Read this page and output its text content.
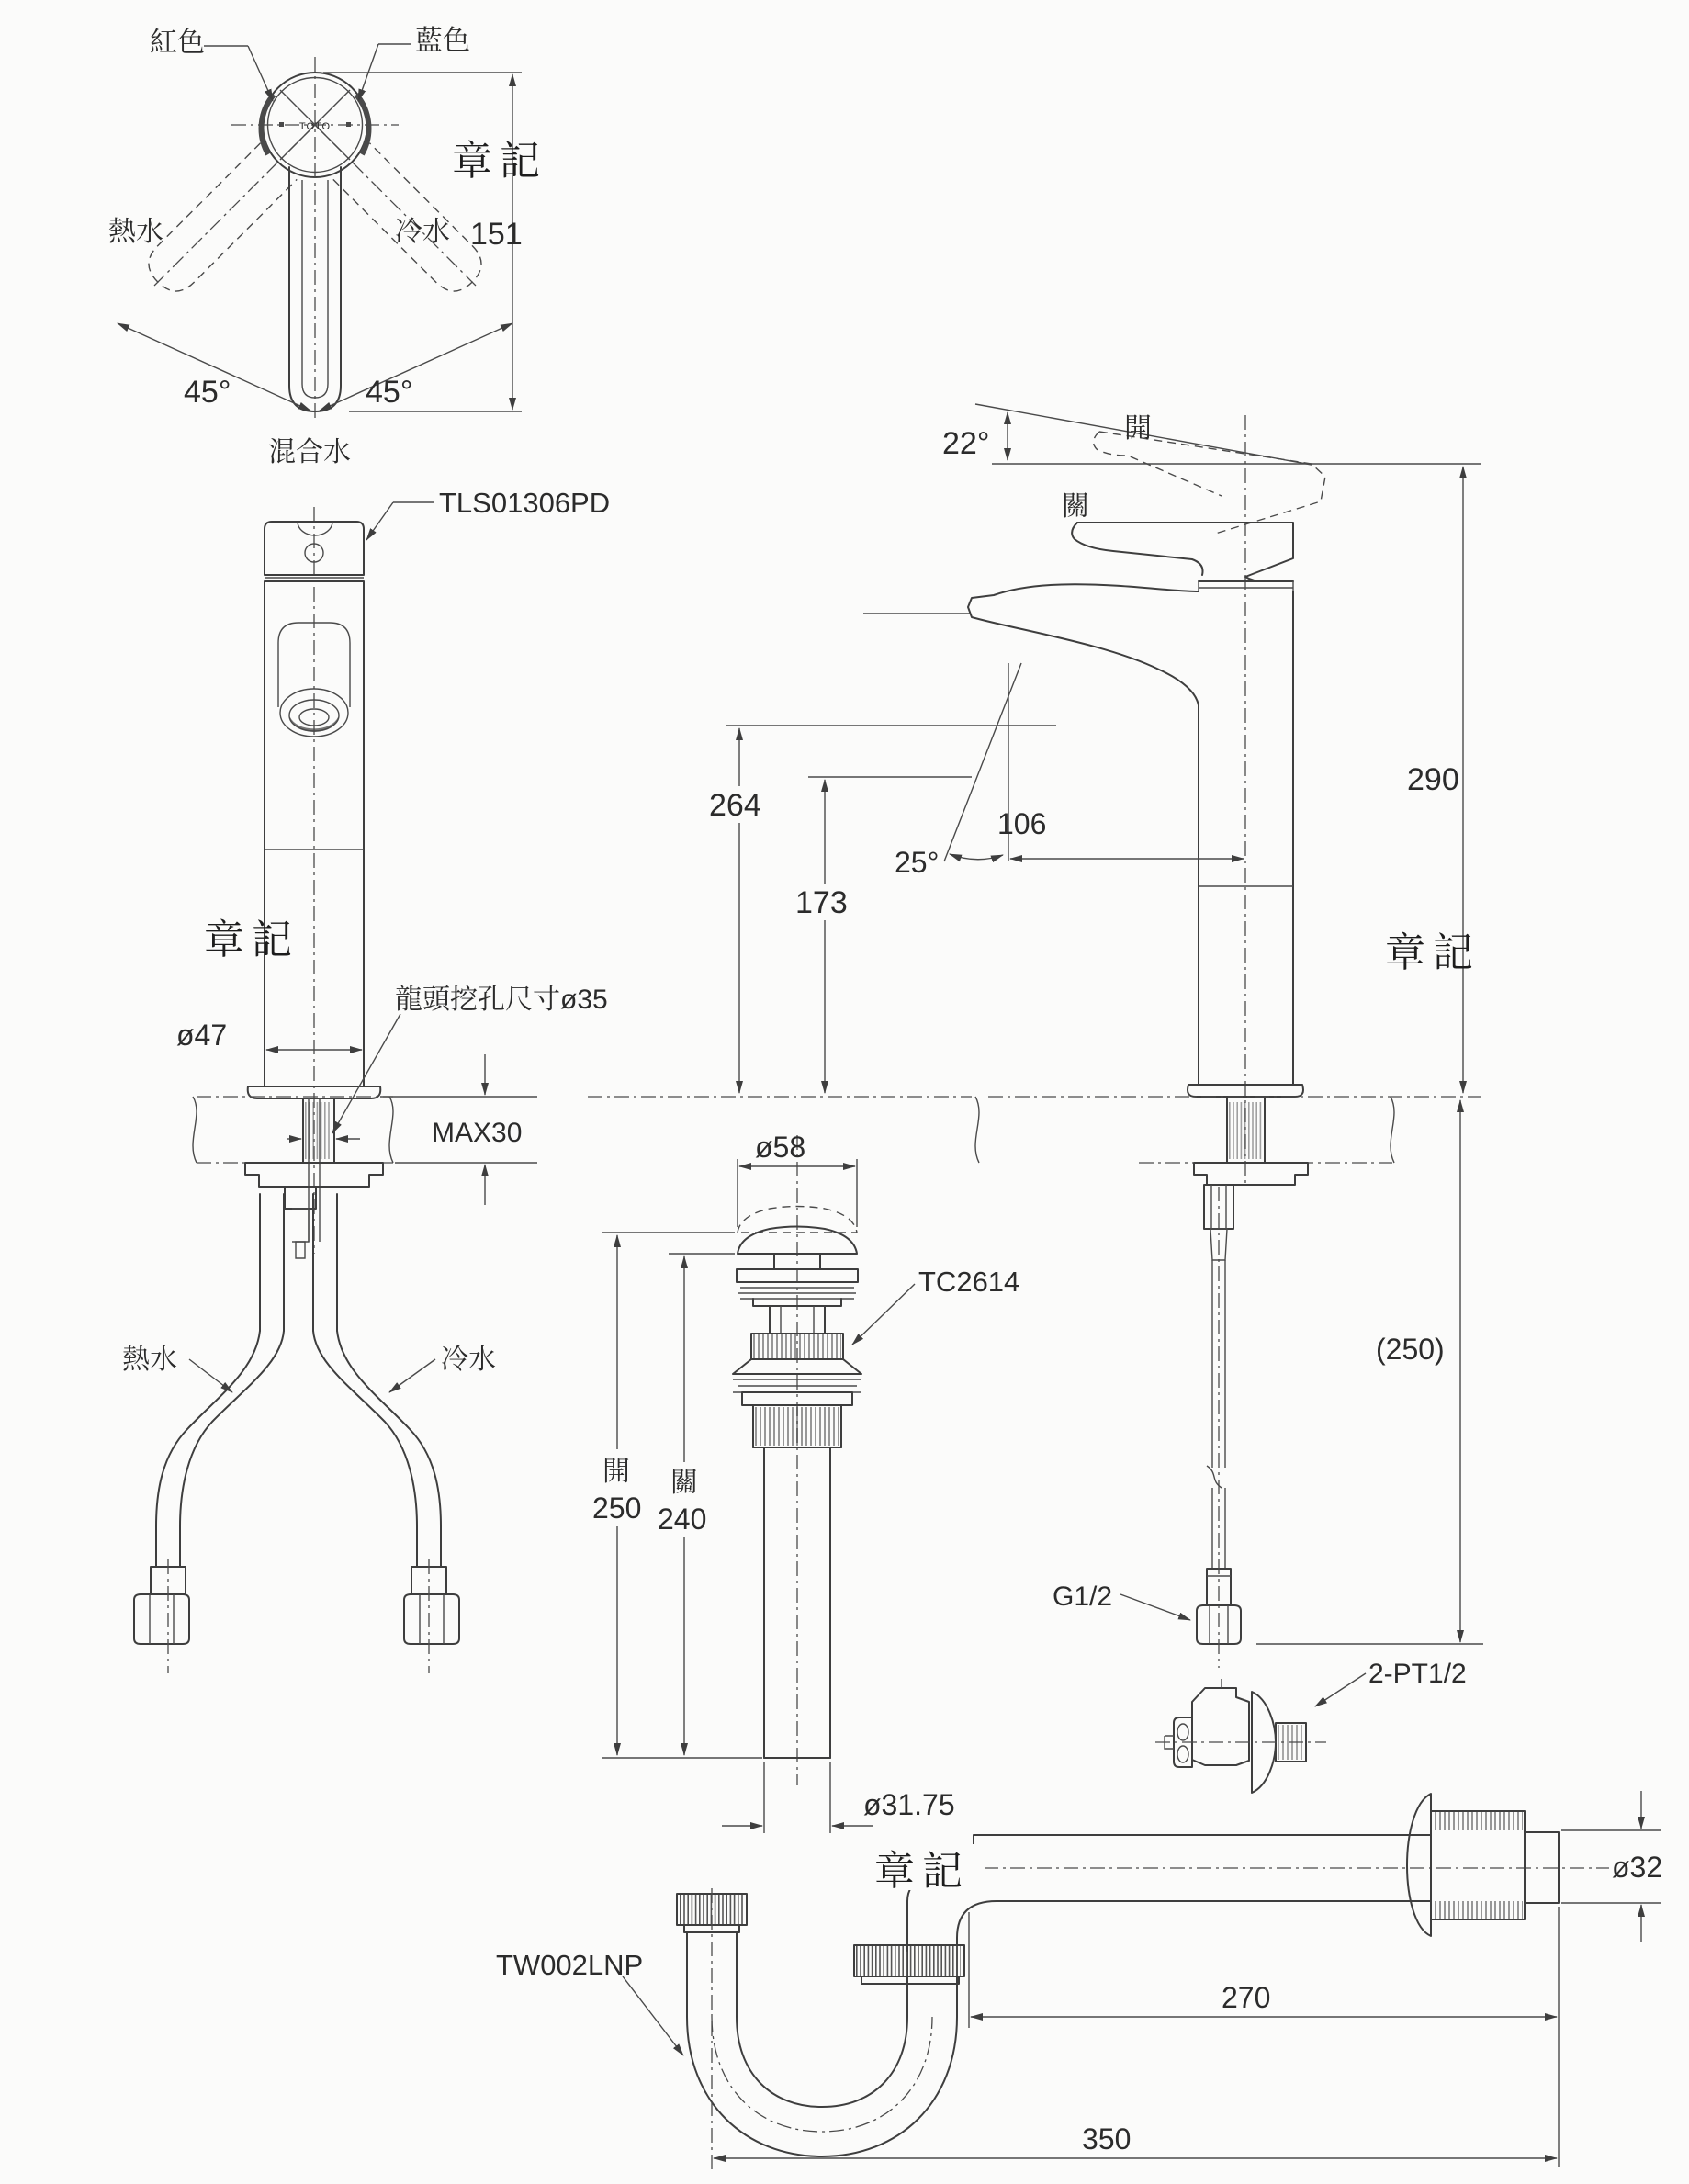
TOTO
紅色	藍色
熱水	冷水
45°	45°
混合水
151
章記
TLS01306PD
章記
ø47
龍頭挖孔尺寸ø35
MAX30
熱水	冷水
22°	開
關
290
章記
264
173
25°
106
(250)
G1/2
2-PT1/2
TC2614
ø58
開
250
關
240
ø31.75
ø32
章記
TW002LNP
270
350
